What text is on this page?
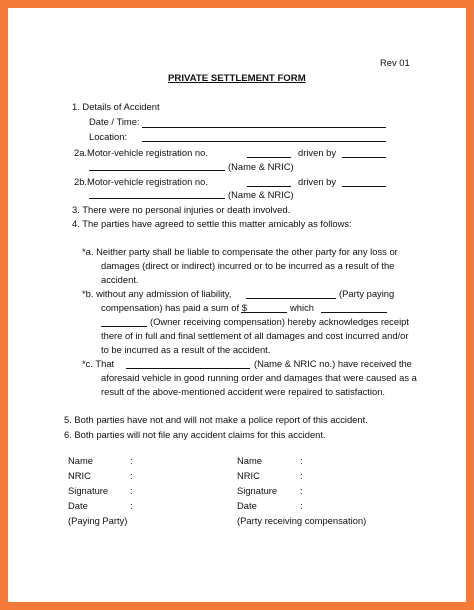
Rev 01
PRIVATE SETTLEMENT FORM
1. Details of Accident
Date / Time:
Location:
2a.Motor-vehicle registration no.	driven by
(Name & NRIC)
2b.Motor-vehicle registration no.	driven by
(Name & NRIC)
3. There were no personal injuries or death involved.
4. The parties have agreed to settle this matter amicably as follows:
*a. Neither party shall be liable to compensate the other party for any loss or
damages (direct or indirect) incurred or to be incurred as a result of the
accident.
*b. without any admission of liability,	(Party paying
compensation) has paid a sum of $	which
(Owner receiving compensation) hereby acknowledges receipt
there of in full and final settlement of all damages and cost incurred and/or
to be incurred as a result of the accident.
*c. That	(Name & NRIC no.) have received the
aforesaid vehicle in good running order and damages that were caused as a
result of the above-mentioned accident were repaired to satisfaction.
5. Both parties have not and will not make a police report of this accident.
6. Both parties will not file any accident claims for this accident.
Name	:
NRIC	:
Signature :
Date	:
(Paying Party)
Name	:
NRIC	:
Signature :
Date	:
(Party receiving compensation)
